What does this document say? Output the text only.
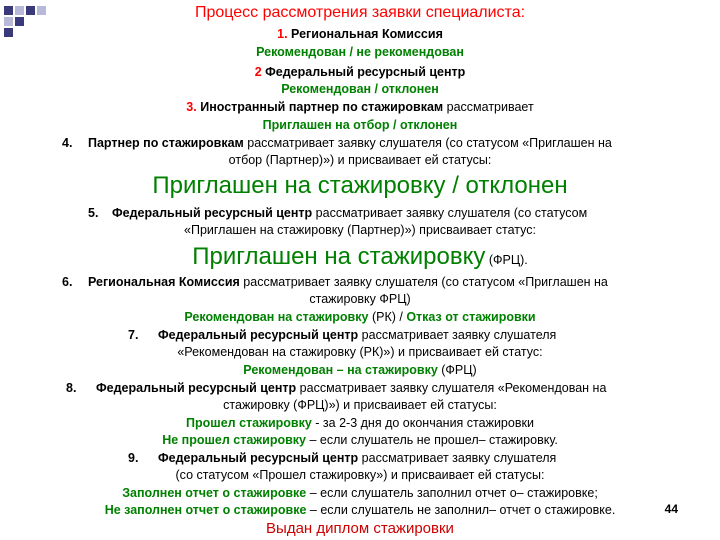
Процесс рассмотрения заявки специалиста:
1. Региональная Комиссия
Рекомендован / не рекомендован
2 Федеральный ресурсный центр
Рекомендован / отклонен
3. Иностранный партнер по стажировкам рассматривает
Приглашен на отбор / отклонен
4. Партнер по стажировкам рассматривает заявку слушателя (со статусом «Приглашен на
отбор (Партнер)») и присваивает ей статусы:
Приглашен на стажировку / отклонен
5. Федеральный ресурсный центр рассматривает заявку слушателя (со статусом
«Приглашен на стажировку (Партнер)») присваивает статус:
Приглашен на стажировку (ФРЦ).
6. Региональная Комиссия рассматривает заявку слушателя (со статусом «Приглашен на
стажировку ФРЦ)
Рекомендован на стажировку (РК) / Отказ от стажировки
7. Федеральный ресурсный центр рассматривает заявку слушателя
«Рекомендован на стажировку (РК)») и присваивает ей статус:
Рекомендован – на стажировку (ФРЦ)
8. Федеральный ресурсный центр рассматривает заявку слушателя «Рекомендован на
стажировку (ФРЦ)») и присваивает ей статусы:
Прошел стажировку - за 2-3 дня до окончания стажировки
Не прошел стажировку – если слушатель не прошел– стажировку.
9. Федеральный ресурсный центр рассматривает заявку слушателя
(со статусом «Прошел стажировку») и присваивает ей статусы:
Заполнен отчет о стажировке – если слушатель заполнил отчет о– стажировке;
Не заполнен отчет о стажировке – если слушатель не заполнил– отчет о стажировке.
Выдан диплом стажировки
44
